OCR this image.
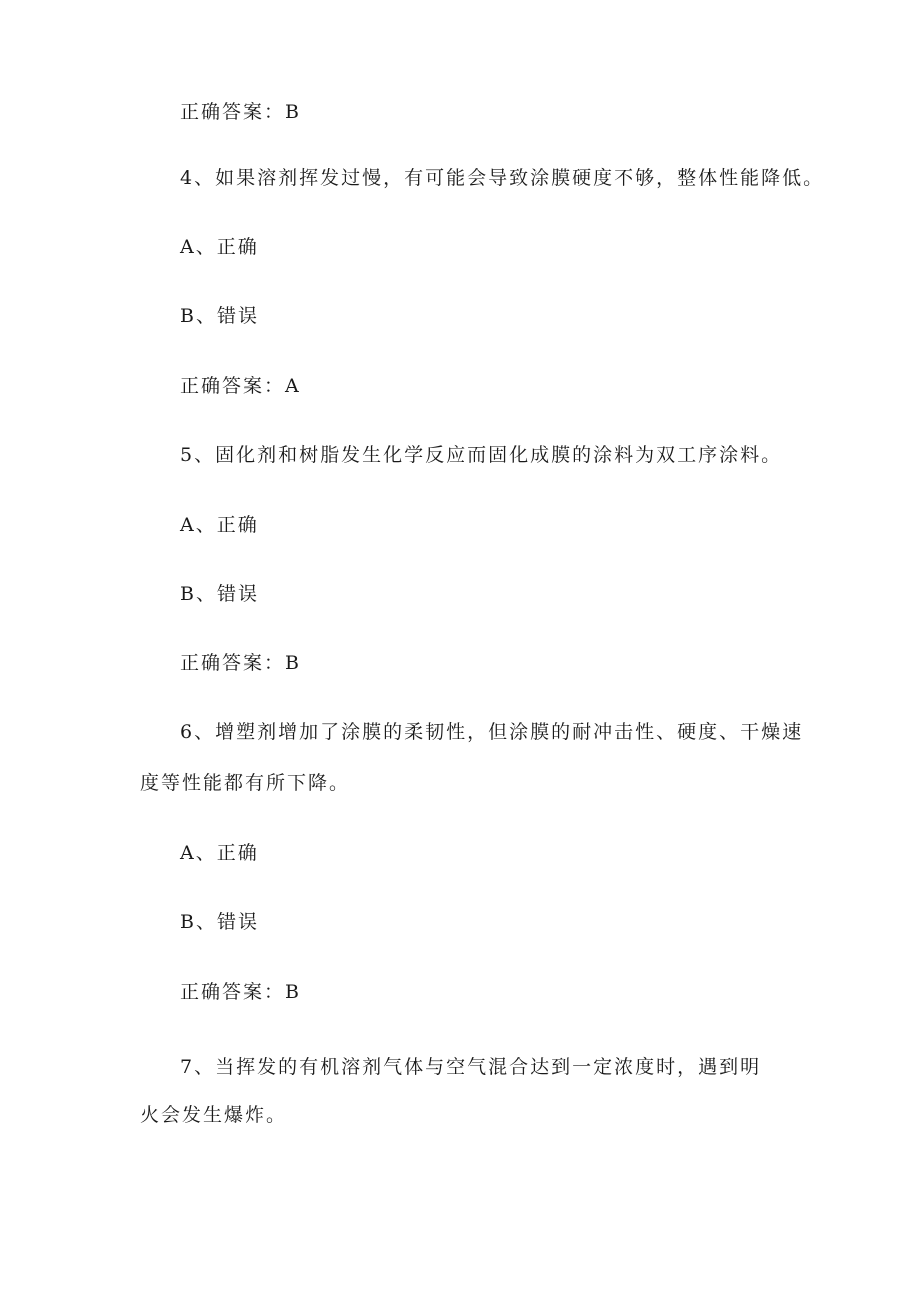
正确答案：B
4、如果溶剂挥发过慢，有可能会导致涂膜硬度不够，整体性能降低。
A、正确
B、错误
正确答案：A
5、固化剂和树脂发生化学反应而固化成膜的涂料为双工序涂料。
A、正确
B、错误
正确答案：B
6、增塑剂增加了涂膜的柔韧性，但涂膜的耐冲击性、硬度、干燥速
度等性能都有所下降。
A、正确
B、错误
正确答案：B
7、当挥发的有机溶剂气体与空气混合达到一定浓度时，遇到明
火会发生爆炸。
